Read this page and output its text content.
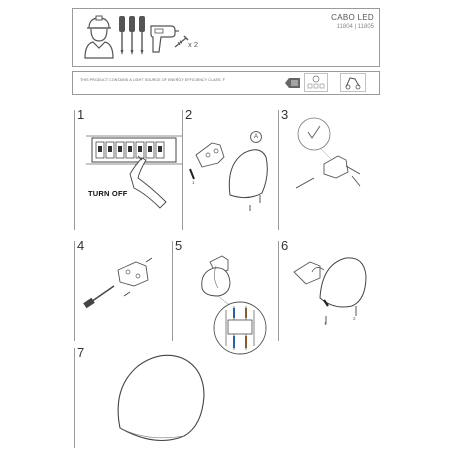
x 2
CABO LED
11804 | 11805
THIS PRODUCT CONTAINS A LIGHT SOURCE OF ENERGY EFFICIENCY CLASS: F
1
TURN OFF
2
A
1
3
4	5	6
1
2
7
